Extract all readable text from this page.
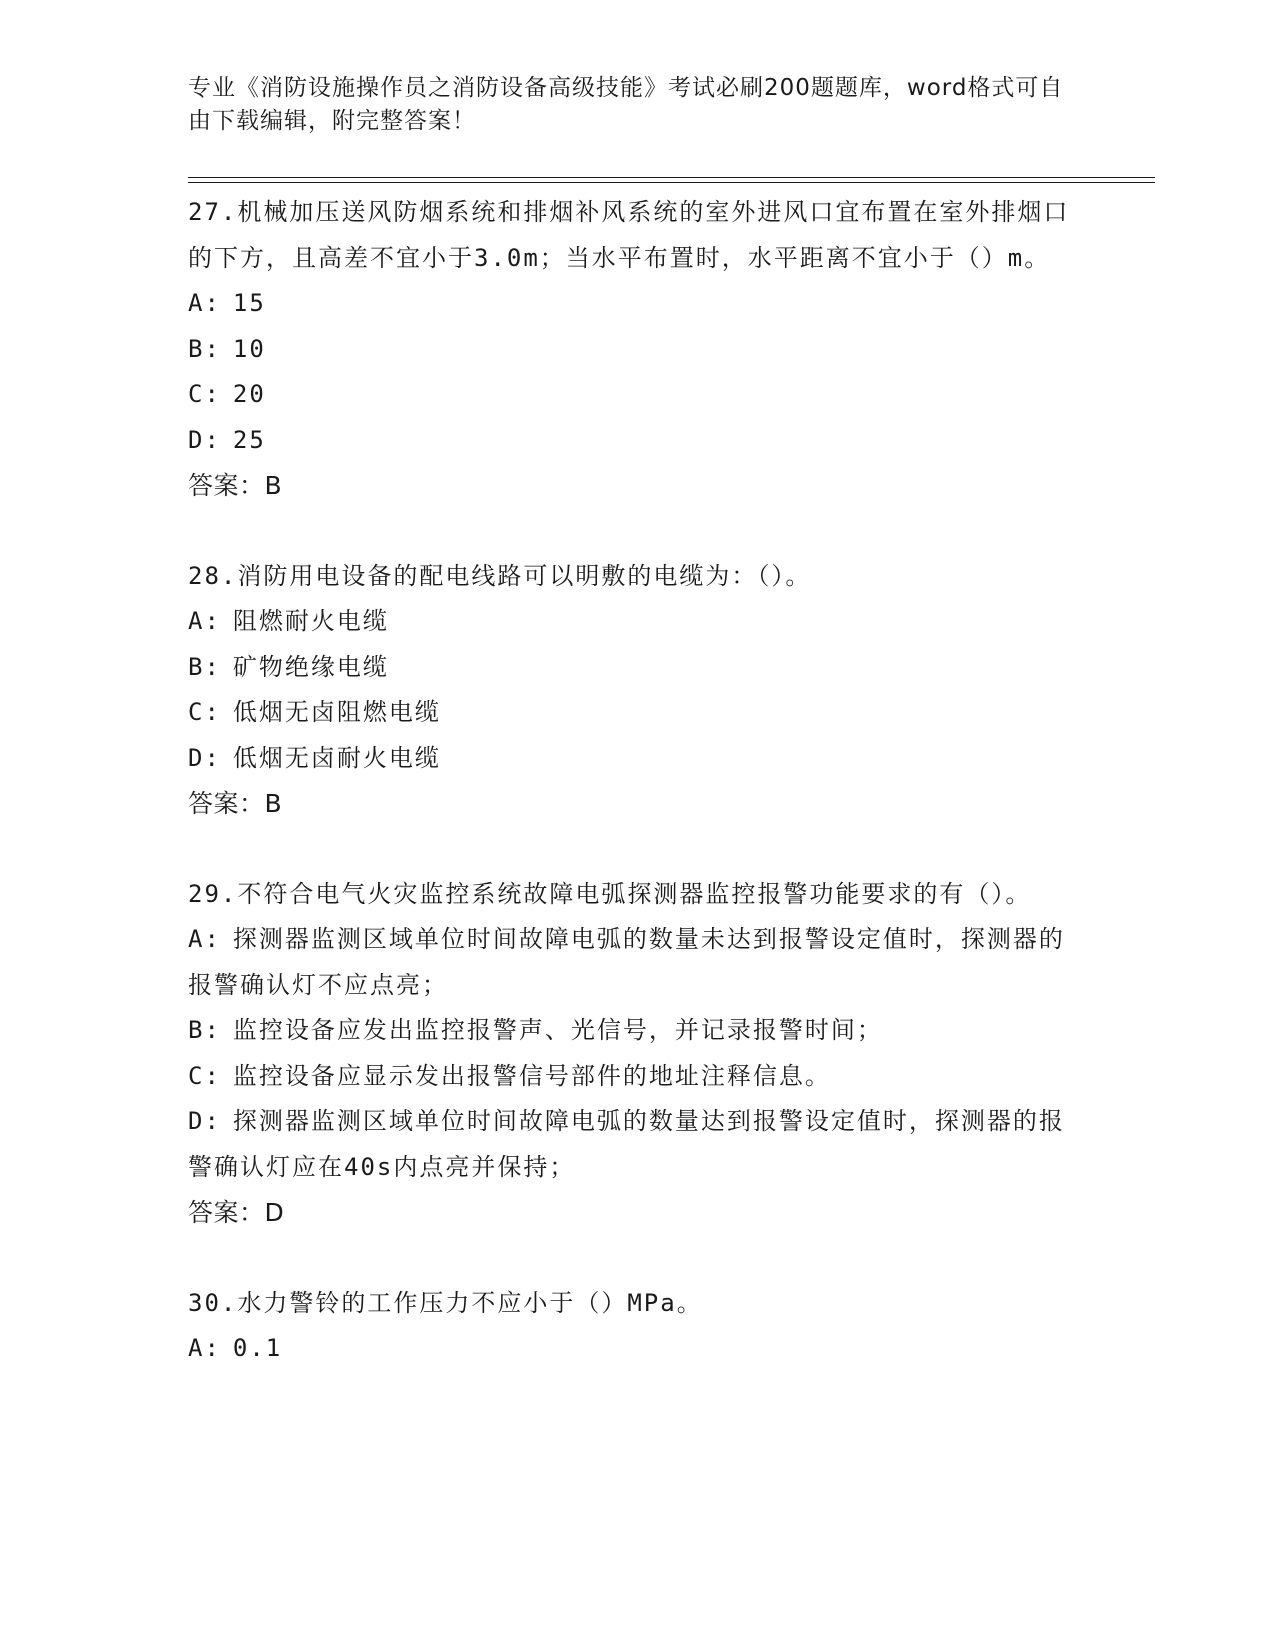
专业《消防设施操作员之消防设备高级技能》考试必刷200题题库，word格式可自由下载编辑，附完整答案！

27.机械加压送风防烟系统和排烟补风系统的室外进风口宜布置在室外排烟口的下方，且高差不宜小于3.0m；当水平布置时，水平距离不宜小于（）m。

A: 15

B: 10

C: 20

D: 25

答案：B

28.消防用电设备的配电线路可以明敷的电缆为：（）。

A: 阻燃耐火电缆

B: 矿物绝缘电缆

C: 低烟无卤阻燃电缆

D: 低烟无卤耐火电缆

答案：B

29.不符合电气火灾监控系统故障电弧探测器监控报警功能要求的有（）。

A: 探测器监测区域单位时间故障电弧的数量未达到报警设定值时，探测器的报警确认灯不应点亮；

B: 监控设备应发出监控报警声、光信号，并记录报警时间；

C: 监控设备应显示发出报警信号部件的地址注释信息。

D: 探测器监测区域单位时间故障电弧的数量达到报警设定值时，探测器的报警确认灯应在40s内点亮并保持；

答案：D

30.水力警铃的工作压力不应小于（）MPa。

A: 0.1
